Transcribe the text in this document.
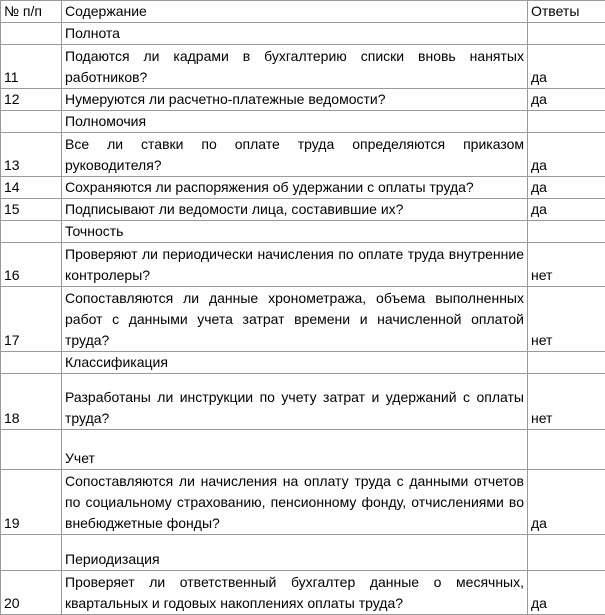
№ п/п	Содержание	Ответы
	Полнота	
11	Подаются ли кадрами в бухгалтерию списки вновь нанятых работников?	да
12	Нумеруются ли расчетно-платежные ведомости?	да
	Полномочия	
13	Все ли ставки по оплате труда определяются приказом руководителя?	да
14	Сохраняются ли распоряжения об удержании с оплаты труда?	да
15	Подписывают ли ведомости лица, составившие их?	да
	Точность	
16	Проверяют ли периодически начисления по оплате труда внутренние контролеры?	нет
17	Сопоставляются ли данные хронометража, объема выполненных работ с данными учета затрат времени и начисленной оплатой труда?	нет
	Классификация	
18	Разработаны ли инструкции по учету затрат и удержаний с оплаты труда?	нет
	Учет	
19	Сопоставляются ли начисления на оплату труда с данными отчетов по социальному страхованию, пенсионному фонду, отчислениями во внебюджетные фонды?	да
	Периодизация	
20	Проверяет ли ответственный бухгалтер данные о месячных, квартальных и годовых накоплениях оплаты труда?	да
